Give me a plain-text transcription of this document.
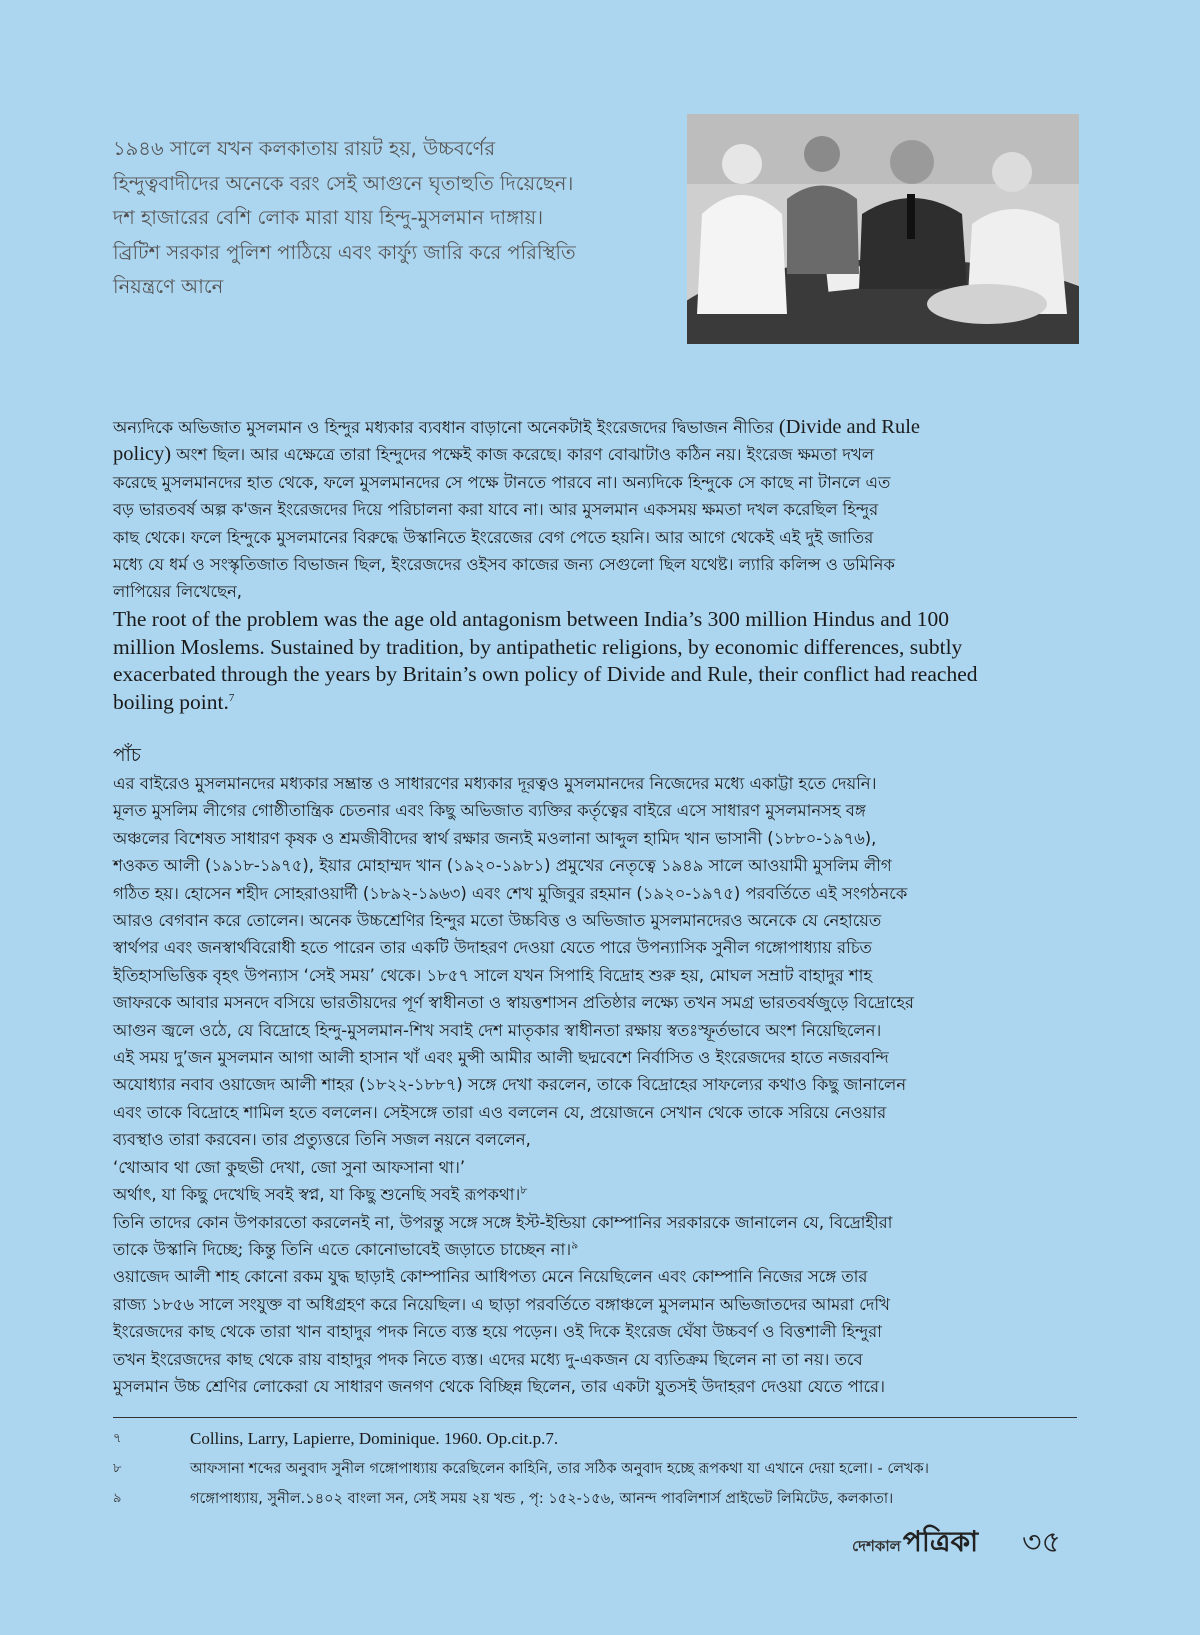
১৯৪৬ সালে যখন কলকাতায় রায়ট হয়, উচ্চবর্ণের

হিন্দুত্ববাদীদের অনেকে বরং সেই আগুনে ঘৃতাহুতি দিয়েছেন।

দশ হাজারের বেশি লোক মারা যায় হিন্দু-মুসলমান দাঙ্গায়।

ব্রিটিশ সরকার পুলিশ পাঠিয়ে এবং কার্ফ্যু জারি করে পরিস্থিতি

নিয়ন্ত্রণে আনে

অন্যদিকে অভিজাত মুসলমান ও হিন্দুর মধ্যকার ব্যবধান বাড়ানো অনেকটাই ইংরেজদের দ্বিভাজন নীতির (Divide and Rule

policy) অংশ ছিল। আর এক্ষেত্রে তারা হিন্দুদের পক্ষেই কাজ করেছে। কারণ বোঝাটাও কঠিন নয়। ইংরেজ ক্ষমতা দখল

করেছে মুসলমানদের হাত থেকে, ফলে মুসলমানদের সে পক্ষে টানতে পারবে না। অন্যদিকে হিন্দুকে সে কাছে না টানলে এত

বড় ভারতবর্ষ অল্প ক'জন ইংরেজদের দিয়ে পরিচালনা করা যাবে না। আর মুসলমান একসময় ক্ষমতা দখল করেছিল হিন্দুর

কাছ থেকে। ফলে হিন্দুকে মুসলমানের বিরুদ্ধে উস্কানিতে ইংরেজের বেগ পেতে হয়নি। আর আগে থেকেই এই দুই জাতির

মধ্যে যে ধর্ম ও সংস্কৃতিজাত বিভাজন ছিল, ইংরেজদের ওইসব কাজের জন্য সেগুলো ছিল যথেষ্ট। ল্যারি কলিন্স ও ডমিনিক

লাপিয়ের লিখেছেন,

The root of the problem was the age old antagonism between India’s 300 million Hindus and 100

million Moslems. Sustained by tradition, by antipathetic religions, by economic differences, subtly

exacerbated through the years by Britain’s own policy of Divide and Rule, their conflict had reached

boiling point.$^7$

পাঁচ

এর বাইরেও মুসলমানদের মধ্যকার সম্ভ্রান্ত ও সাধারণের মধ্যকার দূরত্বও মুসলমানদের নিজেদের মধ্যে একাট্টা হতে দেয়নি।

মূলত মুসলিম লীগের গোষ্ঠীতান্ত্রিক চেতনার এবং কিছু অভিজাত ব্যক্তির কর্তৃত্বের বাইরে এসে সাধারণ মুসলমানসহ বঙ্গ

অঞ্চলের বিশেষত সাধারণ কৃষক ও শ্রমজীবীদের স্বার্থ রক্ষার জন্যই মওলানা আব্দুল হামিদ খান ভাসানী (১৮৮০-১৯৭৬),

শওকত আলী (১৯১৮-১৯৭৫), ইয়ার মোহাম্মদ খান (১৯২০-১৯৮১) প্রমুখের নেতৃত্বে ১৯৪৯ সালে আওয়ামী মুসলিম লীগ

গঠিত হয়। হোসেন শহীদ সোহরাওয়ার্দী (১৮৯২-১৯৬৩) এবং শেখ মুজিবুর রহমান (১৯২০-১৯৭৫) পরবর্তিতে এই সংগঠনকে

আরও বেগবান করে তোলেন। অনেক উচ্চশ্রেণির হিন্দুর মতো উচ্চবিত্ত ও অভিজাত মুসলমানদেরও অনেকে যে নেহায়েত

স্বার্থপর এবং জনস্বার্থবিরোধী হতে পারেন তার একটি উদাহরণ দেওয়া যেতে পারে উপন্যাসিক সুনীল গঙ্গোপাধ্যায় রচিত

ইতিহাসভিত্তিক বৃহৎ উপন্যাস ‘সেই সময়’ থেকে। ১৮৫৭ সালে যখন সিপাহি বিদ্রোহ শুরু হয়, মোঘল সম্রাট বাহাদুর শাহ

জাফরকে আবার মসনদে বসিয়ে ভারতীয়দের পূর্ণ স্বাধীনতা ও স্বায়ত্তশাসন প্রতিষ্ঠার লক্ষ্যে তখন সমগ্র ভারতবর্ষজুড়ে বিদ্রোহের

আগুন জ্বলে ওঠে, যে বিদ্রোহে হিন্দু-মুসলমান-শিখ সবাই দেশ মাতৃকার স্বাধীনতা রক্ষায় স্বতঃস্ফূর্তভাবে অংশ নিয়েছিলেন।

এই সময় দু’জন মুসলমান আগা আলী হাসান খাঁ এবং মুন্সী আমীর আলী ছদ্মবেশে নির্বাসিত ও ইংরেজদের হাতে নজরবন্দি

অযোধ্যার নবাব ওয়াজেদ আলী শাহর (১৮২২-১৮৮৭) সঙ্গে দেখা করলেন, তাকে বিদ্রোহের সাফল্যের কথাও কিছু জানালেন

এবং তাকে বিদ্রোহে শামিল হতে বললেন। সেইসঙ্গে তারা এও বললেন যে, প্রয়োজনে সেখান থেকে তাকে সরিয়ে নেওয়ার

ব্যবস্থাও তারা করবেন। তার প্রত্যুত্তরে তিনি সজল নয়নে বললেন,

‘খোআব থা জো কুছভী দেখা, জো সুনা আফসানা থা।’

অর্থাৎ, যা কিছু দেখেছি সবই স্বপ্ন, যা কিছু শুনেছি সবই রূপকথা।$^৮$

তিনি তাদের কোন উপকারতো করলেনই না, উপরন্তু সঙ্গে সঙ্গে ইস্ট-ইন্ডিয়া কোম্পানির সরকারকে জানালেন যে, বিদ্রোহীরা

তাকে উস্কানি দিচ্ছে; কিন্তু তিনি এতে কোনোভাবেই জড়াতে চাচ্ছেন না।$^৯$

ওয়াজেদ আলী শাহ কোনো রকম যুদ্ধ ছাড়াই কোম্পানির আধিপত্য মেনে নিয়েছিলেন এবং কোম্পানি নিজের সঙ্গে তার

রাজ্য ১৮৫৬ সালে সংযুক্ত বা অধিগ্রহণ করে নিয়েছিল। এ ছাড়া পরবর্তিতে বঙ্গাঞ্চলে মুসলমান অভিজাতদের আমরা দেখি

ইংরেজদের কাছ থেকে তারা খান বাহাদুর পদক নিতে ব্যস্ত হয়ে পড়েন। ওই দিকে ইংরেজ ঘেঁষা উচ্চবর্ণ ও বিত্তশালী হিন্দুরা

তখন ইংরেজদের কাছ থেকে রায় বাহাদুর পদক নিতে ব্যস্ত। এদের মধ্যে দু-একজন যে ব্যতিক্রম ছিলেন না তা নয়। তবে

মুসলমান উচ্চ শ্রেণির লোকেরা যে সাধারণ জনগণ থেকে বিচ্ছিন্ন ছিলেন, তার একটা যুতসই উদাহরণ দেওয়া যেতে পারে।

৭	Collins, Larry, Lapierre, Dominique. 1960. Op.cit.p.7.
৮	আফসানা শব্দের অনুবাদ সুনীল গঙ্গোপাধ্যায় করেছিলেন কাহিনি, তার সঠিক অনুবাদ হচ্ছে রূপকথা যা এখানে দেয়া হলো। - লেখক।
৯	গঙ্গোপাধ্যায়, সুনীল.১৪০২ বাংলা সন, সেই সময় ২য় খন্ড , পৃ: ১৫২-১৫৬, আনন্দ পাবলিশার্স প্রাইভেট লিমিটেড, কলকাতা।
দেশকাল পত্রিকা ৩৫
